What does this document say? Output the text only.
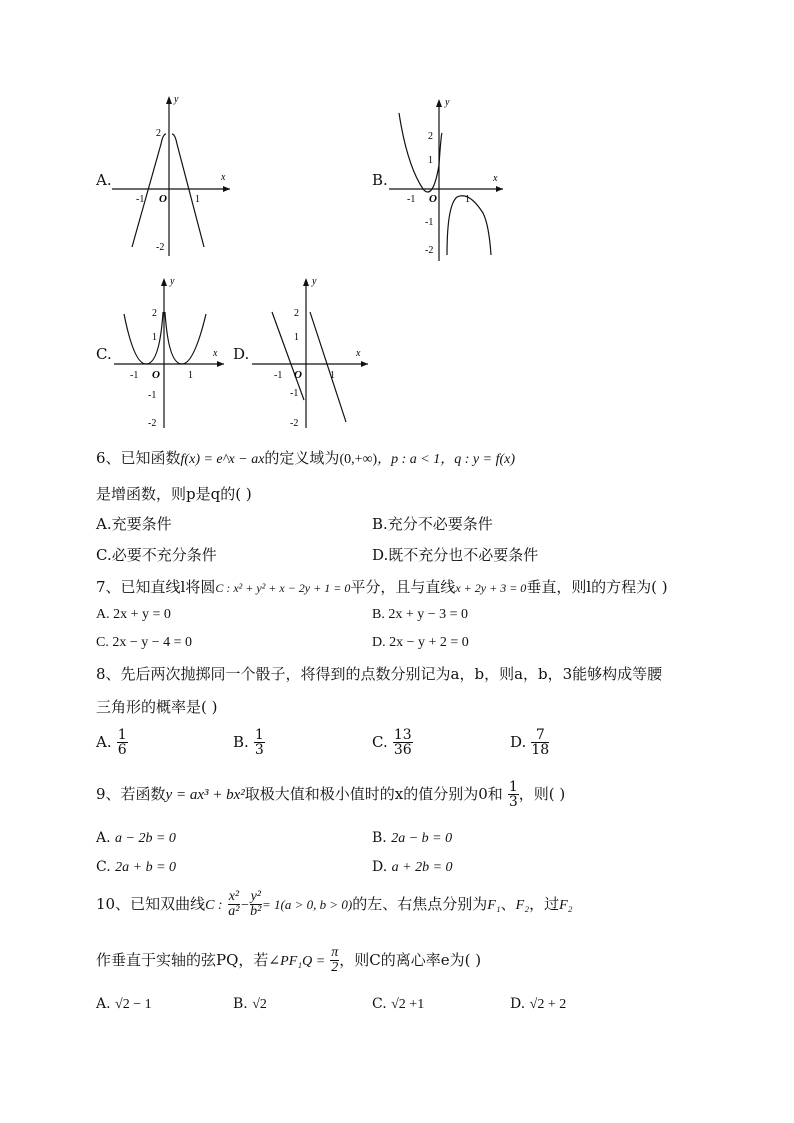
A.
y
x
2
-1 O	1
-2
B.
y
x
2
1
-1 O	1
-1
-2
C.
y
x
2
1
-1 O	1
-1
-2
D.
y
x
2
1
-1 O	1
-1
-2
6、已知函数f(x) = e^x − ax的定义域为(0,+∞)，p : a < 1，q : y = f(x)
是增函数，则p是q的( )
A.充要条件	B.充分不必要条件
C.必要不充分条件	D.既不充分也不必要条件
7、已知直线l将圆C : x² + y² + x − 2y + 1 = 0平分，且与直线x + 2y + 3 = 0垂直，则l的方程为( )
A. 2x + y = 0	B. 2x + y − 3 = 0
C. 2x − y − 4 = 0	D. 2x − y + 2 = 0
8、先后两次抛掷同一个骰子，将得到的点数分别记为a，b，则a，b，3能够构成等腰
三角形的概率是( )
A. $\frac{1}{6}$	B. $\frac{1}{3}$	C. $\frac{13}{36}$	D. $\frac{7}{18}$
9、若函数y = ax³ + bx²取极大值和极小值时的x的值分别为0和 $\frac{1}{3}$ ，则( )
A. a − 2b = 0	B. 2a − b = 0
C. 2a + b = 0	D. a + 2b = 0
10、已知双曲线C : $\frac{\text{x²}}{\text{a²}} - \frac{\text{y²}}{\text{b²}} = 1(a > 0$, b > 0)的左、右焦点分别为F₁、F₂，过F₂
作垂直于实轴的弦PQ，若∠PF₁Q = $\frac{\pi}{2}$ ，则C的离心率e为( )
A. √2 − 1	B. √2	C. √2 +1	D. √2 + 2
